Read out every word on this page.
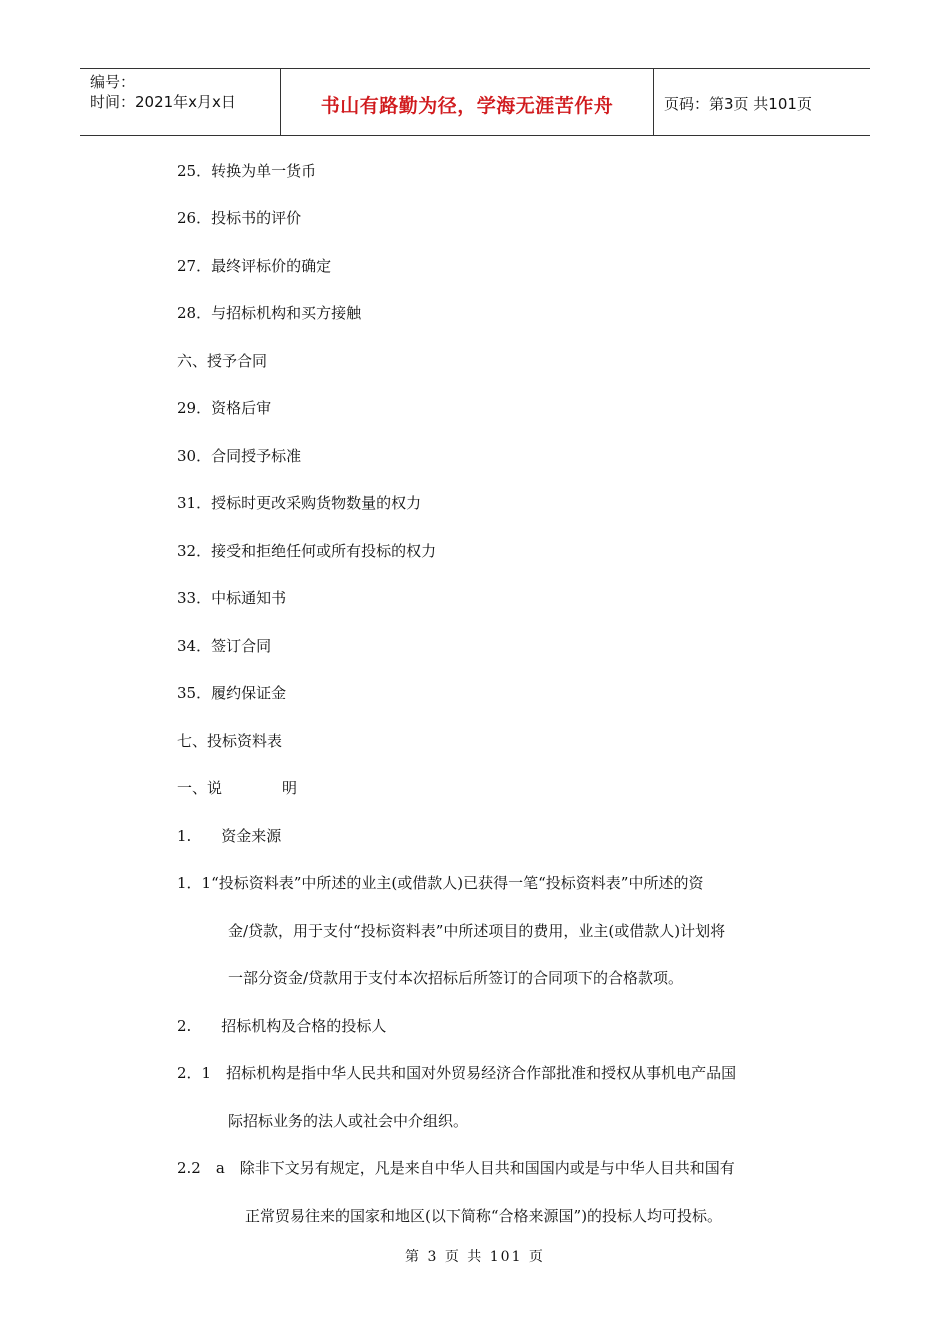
编号：
时间：2021年x月x日	书山有路勤为径，学海无涯苦作舟	页码：第3页 共101页
25．转换为单一货币
26．投标书的评价
27．最终评标价的确定
28．与招标机构和买方接触
六、授予合同
29．资格后审
30．合同授予标准
31．授标时更改采购货物数量的权力
32．接受和拒绝任何或所有投标的权力
33．中标通知书
34．签订合同
35．履约保证金
七、投标资料表
一、说　　　　明
1.　　资金来源
1．1“投标资料表”中所述的业主(或借款人)已获得一笔“投标资料表”中所述的资
金/贷款，用于支付“投标资料表”中所述项目的费用，业主(或借款人)计划将
一部分资金/贷款用于支付本次招标后所签订的合同项下的合格款项。
2.　　招标机构及合格的投标人
2．1　招标机构是指中华人民共和国对外贸易经济合作部批准和授权从事机电产品国
际招标业务的法人或社会中介组织。
2.2　a　除非下文另有规定，凡是来自中华人目共和国国内或是与中华人目共和国有
正常贸易往来的国家和地区(以下简称“合格来源国”)的投标人均可投标。
第 3 页 共 101 页
